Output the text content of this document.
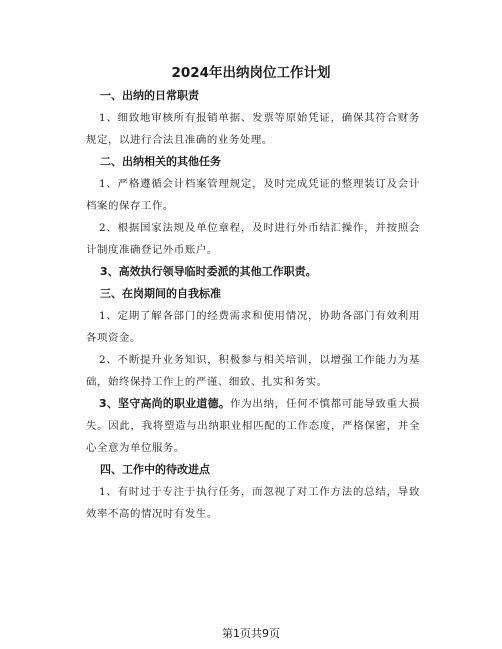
2024年出纳岗位工作计划

一、出纳的日常职责

1、细致地审核所有报销单据、发票等原始凭证，确保其符合财务规定，以进行合法且准确的业务处理。

二、出纳相关的其他任务

1、严格遵循会计档案管理规定，及时完成凭证的整理装订及会计档案的保存工作。

2、根据国家法规及单位章程，及时进行外币结汇操作，并按照会计制度准确登记外币账户。

3、高效执行领导临时委派的其他工作职责。

三、在岗期间的自我标准

1、定期了解各部门的经费需求和使用情况，协助各部门有效利用各项资金。

2、不断提升业务知识，积极参与相关培训，以增强工作能力为基础，始终保持工作上的严谨、细致、扎实和务实。

3、坚守高尚的职业道德。作为出纳，任何不慎都可能导致重大损失。因此，我将塑造与出纳职业相匹配的工作态度，严格保密，并全心全意为单位服务。

四、工作中的待改进点

1、有时过于专注于执行任务，而忽视了对工作方法的总结，导致效率不高的情况时有发生。

第1页共9页
